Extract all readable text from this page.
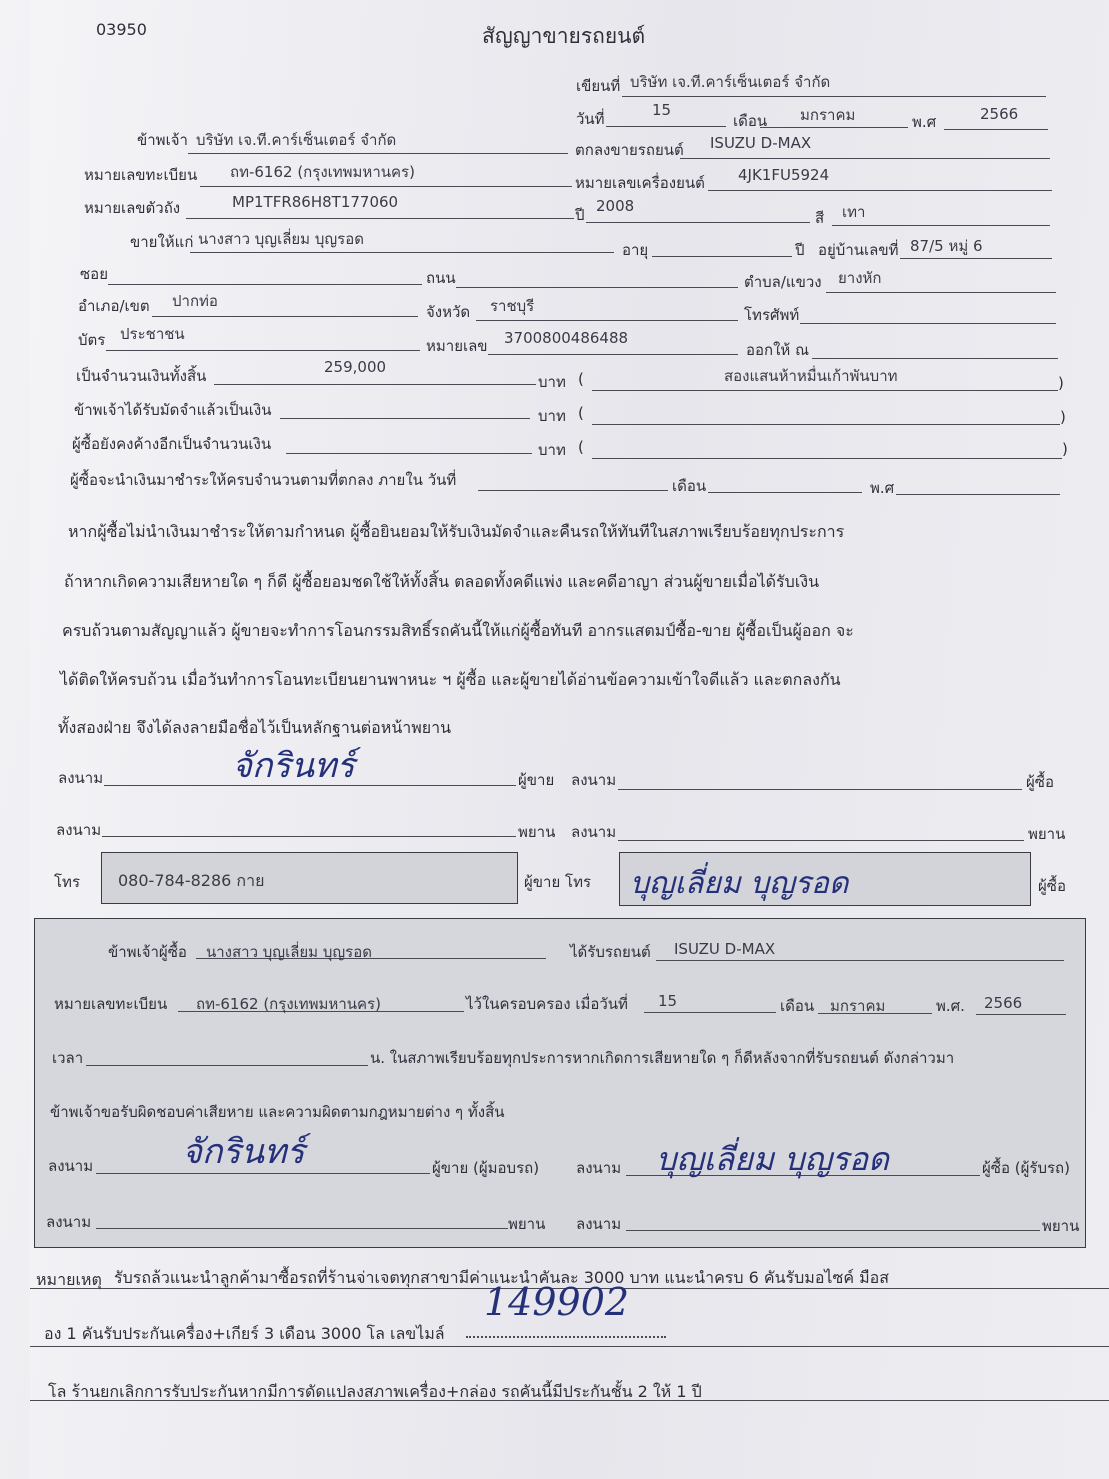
03950	สัญญาขายรถยนต์
เขียนที่ บริษัท เจ.ที.คาร์เซ็นเตอร์ จำกัด
วันที่	15
เดือน มกราคม	พ.ศ	2566
ข้าพเจ้า บริษัท เจ.ที.คาร์เซ็นเตอร์ จำกัด
ตกลงขายรถยนต์ ISUZU D-MAX
หมายเลขทะเบียน ถท-6162 (กรุงเทพมหานคร)
หมายเลขเครื่องยนต์ 4JK1FU5924
หมายเลขตัวถัง	MP1TFR86H8T177060
ปี 2008
สี เทา
ขายให้แก่ นางสาว บุญเลี่ยม บุญรอด
อายุ	ปี อยู่บ้านเลขที่ 87/5 หมู่ 6
ซอย	ถนน	ตำบล/แขวง ยางหัก
อำเภอ/เขต ปากท่อ
จังหวัด ราชบุรี	โทรศัพท์
บัตร ประชาชน
หมายเลข 3700800486488
ออกให้ ณ
เป็นจำนวนเงินทั้งสิ้น	259,000
บาท (	สองแสนห้าหมื่นเก้าพันบาท	)
ข้าพเจ้าได้รับมัดจำแล้วเป็นเงิน	บาท (	)
ผู้ซื้อยังคงค้างอีกเป็นจำนวนเงิน	บาท (	)
ผู้ซื้อจะนำเงินมาชำระให้ครบจำนวนตามที่ตกลง ภายใน วันที่	เดือน	พ.ศ
หากผู้ซื้อไม่นำเงินมาชำระให้ตามกำหนด ผู้ซื้อยินยอมให้รับเงินมัดจำและคืนรถให้ทันทีในสภาพเรียบร้อยทุกประการ
ถ้าหากเกิดความเสียหายใด ๆ ก็ดี ผู้ซื้อยอมชดใช้ให้ทั้งสิ้น ตลอดทั้งคดีแพ่ง และคดีอาญา ส่วนผู้ขายเมื่อได้รับเงิน
ครบถ้วนตามสัญญาแล้ว ผู้ขายจะทำการโอนกรรมสิทธิ์รถคันนี้ให้แก่ผู้ซื้อทันที อากรแสตมป์ซื้อ-ขาย ผู้ซื้อเป็นผู้ออก จะ
ได้ติดให้ครบถ้วน เมื่อวันทำการโอนทะเบียนยานพาหนะ ฯ ผู้ซื้อ และผู้ขายได้อ่านข้อความเข้าใจดีแล้ว และตกลงกัน
ทั้งสองฝ่าย จึงได้ลงลายมือชื่อไว้เป็นหลักฐานต่อหน้าพยาน
ลงนาม	จักรินทร์	ผู้ขาย ลงนาม	ผู้ซื้อ
ลงนาม	พยาน ลงนาม	พยาน
โทร 080-784-8286 กาย	ผู้ขาย โทร บุญเลี่ยม บุญรอด	ผู้ซื้อ
ข้าพเจ้าผู้ซื้อ นางสาว บุญเลี่ยม บุญรอด	ได้รับรถยนต์ ISUZU D-MAX
หมายเลขทะเบียน ถท-6162 (กรุงเทพมหานคร)	ไว้ในครอบครอง เมื่อวันที่ 15	เดือน มกราคม	พ.ศ. 2566
เวลา	น. ในสภาพเรียบร้อยทุกประการหากเกิดการเสียหายใด ๆ ก็ดีหลังจากที่รับรถยนต์ ดังกล่าวมา
ข้าพเจ้าขอรับผิดชอบค่าเสียหาย และความผิดตามกฎหมายต่าง ๆ ทั้งสิ้น
ลงนาม	จักรินทร์	ผู้ขาย (ผู้มอบรถ) ลงนาม บุญเลี่ยม บุญรอด	ผู้ซื้อ (ผู้รับรถ)
ลงนาม	พยาน ลงนาม	พยาน
หมายเหตุ รับรถล้วแนะนำลูกค้ามาซื้อรถที่ร้านจ่าเจตทุกสาขามีค่าแนะนำคันละ 3000 บาท แนะนำครบ 6 คันรับมอไซค์ มือส
อง 1 คันรับประกันเครื่อง+เกียร์ 3 เดือน 3000 โล เลขไมล์
149902
โล ร้านยกเลิกการรับประกันหากมีการดัดแปลงสภาพเครื่อง+กล่อง รถคันนี้มีประกันชั้น 2 ให้ 1 ปี
